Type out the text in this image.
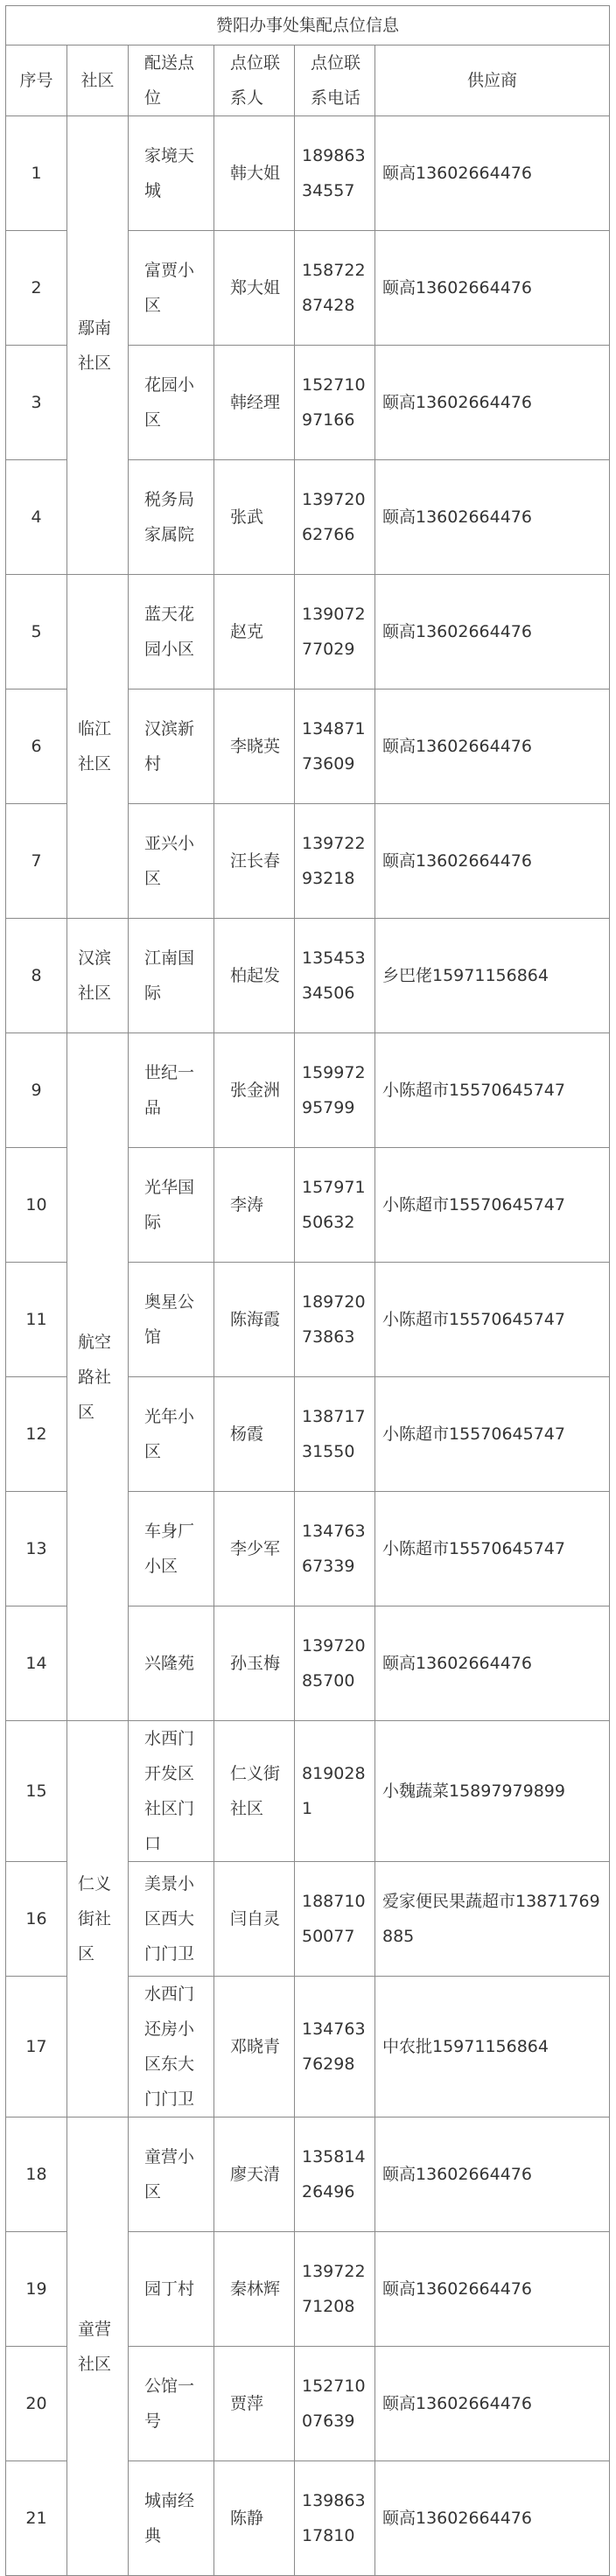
赞阳办事处集配点位信息					
序号	社区	配送点位	点位联系人	点位联系电话	供应商
1	鄢南社区	家境天城	韩大姐	18986334557	颐高13602664476
2		富贾小区	郑大姐	15872287428	颐高13602664476
3		花园小区	韩经理	15271097166	颐高13602664476
4		税务局家属院	张武	13972062766	颐高13602664476
5	临江社区	蓝天花园小区	赵克	13907277029	颐高13602664476
6		汉滨新村	李晓英	13487173609	颐高13602664476
7		亚兴小区	汪长春	13972293218	颐高13602664476
8	汉滨社区	江南国际	柏起发	13545334506	乡巴佬15971156864
9	航空路社区	世纪一品	张金洲	15997295799	小陈超市15570645747
10		光华国际	李涛	15797150632	小陈超市15570645747
11		奥星公馆	陈海霞	18972073863	小陈超市15570645747
12		光年小区	杨霞	13871731550	小陈超市15570645747
13		车身厂小区	李少军	13476367339	小陈超市15570645747
14		兴隆苑	孙玉梅	13972085700	颐高13602664476
15	仁义街社区	水西门开发区社区门口	仁义街社区	8190281	小魏蔬菜15897979899
16		美景小区西大门门卫	闫自灵	18871050077	爱家便民果蔬超市13871769885
17		水西门还房小区东大门门卫	邓晓青	13476376298	中农批15971156864
18	童营社区	童营小区	廖天清	13581426496	颐高13602664476
19		园丁村	秦林辉	13972271208	颐高13602664476
20		公馆一号	贾萍	15271007639	颐高13602664476
21		城南经典	陈静	13986317810	颐高13602664476
